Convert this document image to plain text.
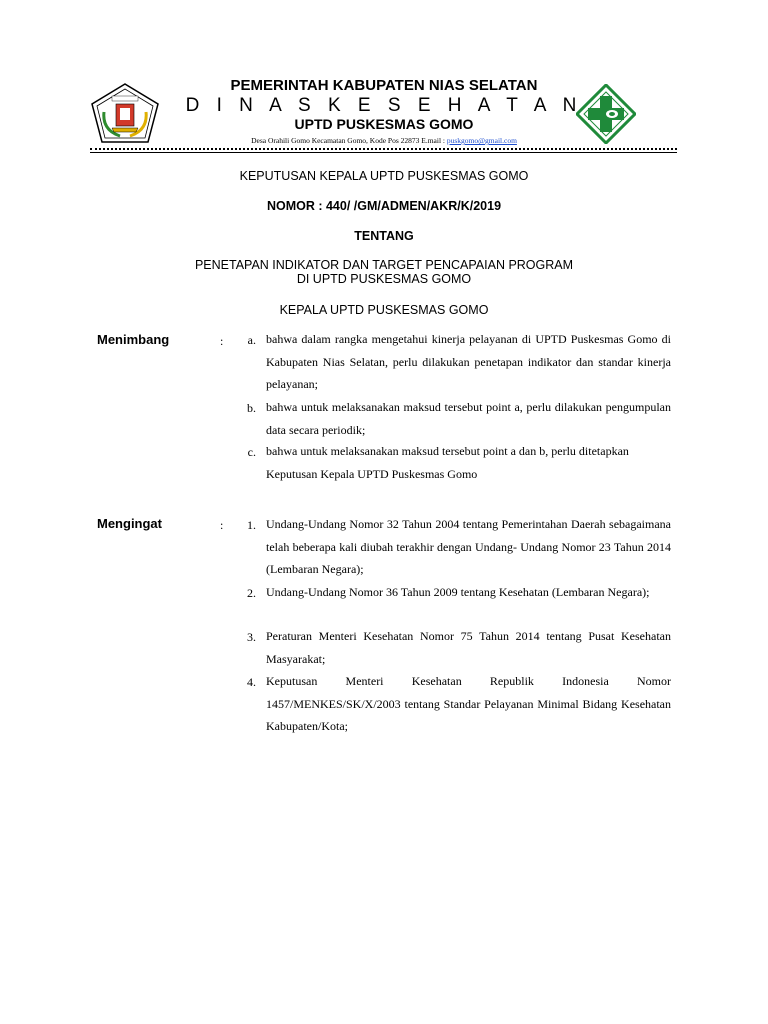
PEMERINTAH KABUPATEN NIAS SELATAN
D I N A S K E S E H A T A N
UPTD PUSKESMAS GOMO
Desa Orahili Gomo Kecamatan Gomo, Kode Pos 22873 E.mail : puskgomo@gmail.com
KEPUTUSAN KEPALA UPTD PUSKESMAS GOMO
NOMOR : 440/ /GM/ADMEN/AKR/K/2019
TENTANG
PENETAPAN INDIKATOR DAN TARGET PENCAPAIAN PROGRAM
DI UPTD PUSKESMAS GOMO
KEPALA UPTD PUSKESMAS GOMO
Menimbang	:	a. bahwa dalam rangka mengetahui kinerja pelayanan di UPTD Puskesmas Gomo di Kabupaten Nias Selatan, perlu dilakukan penetapan indikator dan standar kinerja pelayanan;
b. bahwa untuk melaksanakan maksud tersebut point a, perlu dilakukan pengumpulan data secara periodik;
c. bahwa untuk melaksanakan maksud tersebut point a dan b, perlu ditetapkan Keputusan Kepala UPTD Puskesmas Gomo
Mengingat	:	1. Undang-Undang Nomor 32 Tahun 2004 tentang Pemerintahan Daerah sebagaimana telah beberapa kali diubah terakhir dengan Undang- Undang Nomor 23 Tahun 2014 (Lembaran Negara);
2. Undang-Undang Nomor 36 Tahun 2009 tentang Kesehatan (Lembaran Negara);
3. Peraturan Menteri Kesehatan Nomor 75 Tahun 2014 tentang Pusat Kesehatan Masyarakat;
4. Keputusan Menteri Kesehatan Republik Indonesia Nomor 1457/MENKES/SK/X/2003 tentang Standar Pelayanan Minimal Bidang Kesehatan Kabupaten/Kota;
